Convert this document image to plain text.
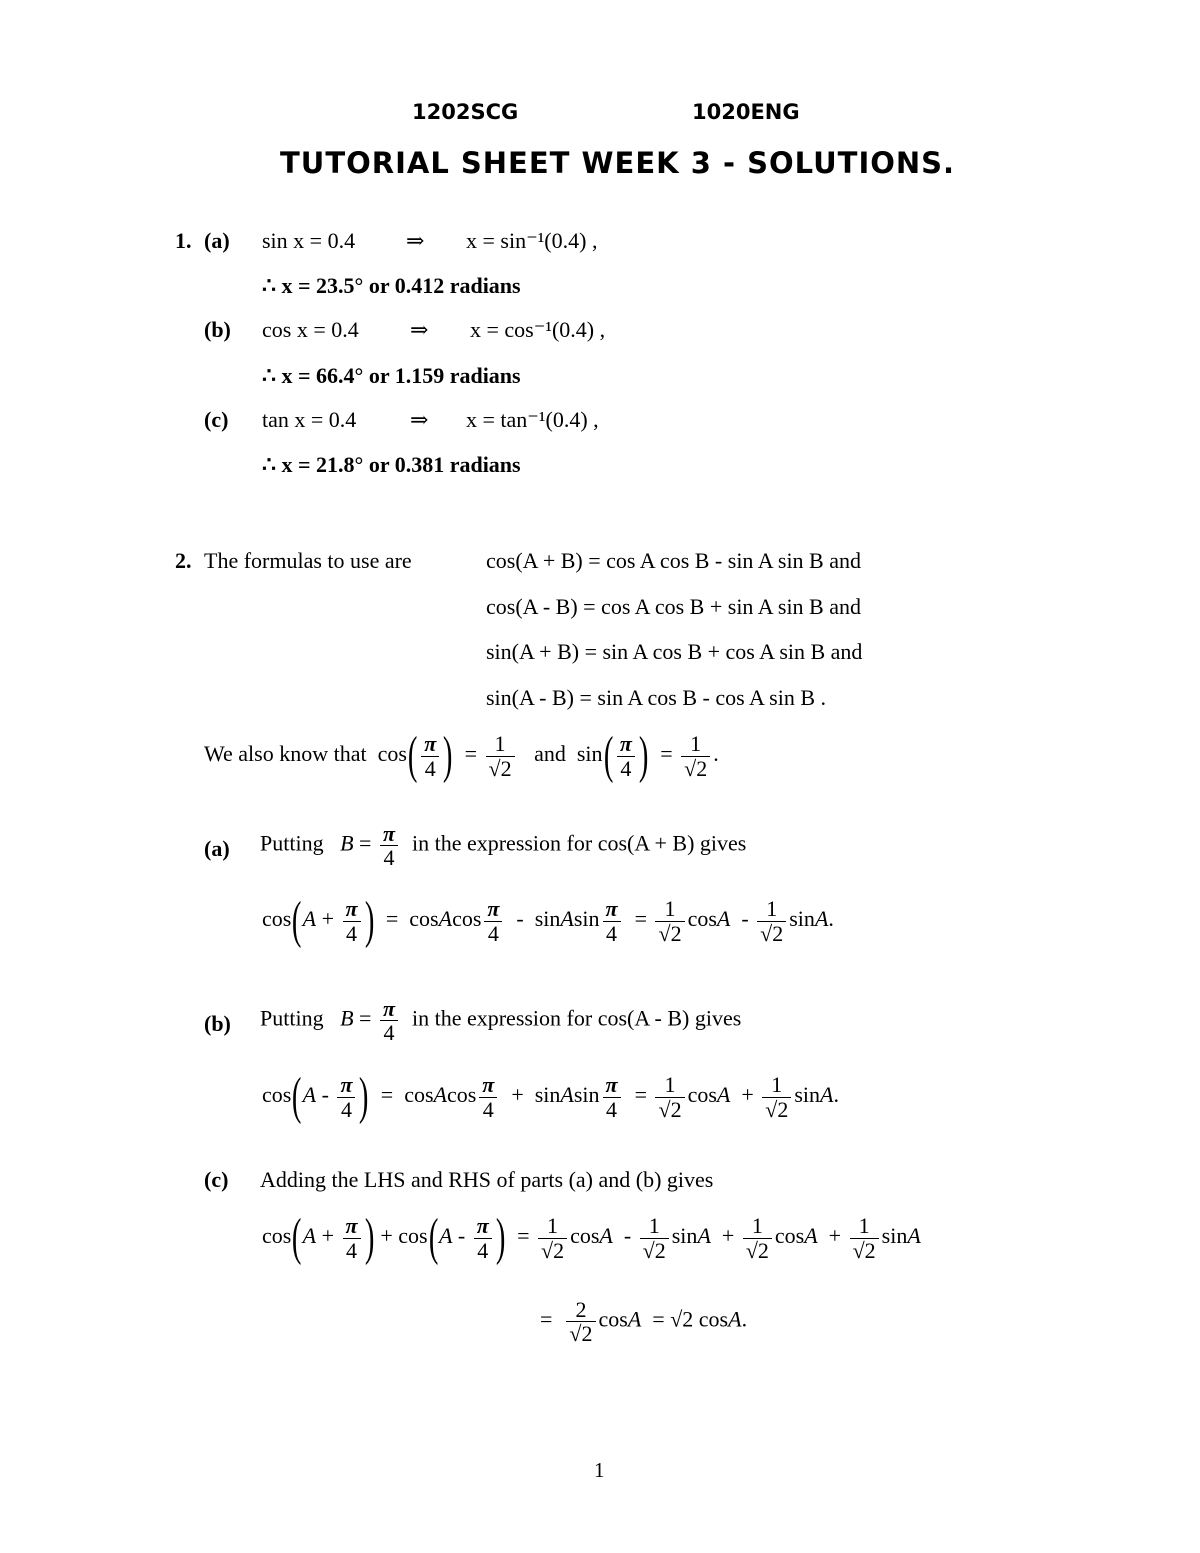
1202SCG	1020ENG
TUTORIAL SHEET WEEK 3 - SOLUTIONS.
1. (a) sin x = 0.4 ⇒ x = sin⁻¹(0.4) ,
∴ x = 23.5° or 0.412 radians
(b) cos x = 0.4 ⇒ x = cos⁻¹(0.4) ,
∴ x = 66.4° or 1.159 radians
(c) tan x = 0.4 ⇒ x = tan⁻¹(0.4) ,
∴ x = 21.8° or 0.381 radians
2. The formulas to use are	cos(A + B) = cos A cos B - sin A sin B and
cos(A - B) = cos A cos B + sin A sin B and
sin(A + B) = sin A cos B + cos A sin B and
sin(A - B) = sin A cos B - cos A sin B .
We also know that  $\cos( \frac{\pi}{4}$ )  = $\frac{1}{√2}$ and  $\sin( \frac{\pi}{4}$ )  = $\frac{1}{√2}$ .
(a) Putting $B = \frac{\pi}{4}$ in the expression for cos(A + B) gives
$\cos(A + \frac{\pi}{4}$ )  =  cosAcos $\frac{\pi}{4}$ -  sinAsin $\frac{\pi}{4} = \frac{1}{√2}$ cosA  - $\frac{1}{√2} \sin A$.
(b) Putting $B = \frac{\pi}{4}$ in the expression for cos(A - B) gives
$\cos(A - \frac{\pi}{4}$ )  =  cosAcos $\frac{\pi}{4}$ +  sinAsin $\frac{\pi}{4} = \frac{1}{√2}$ $\cos A + \frac{1}{√2} \sin A$.
(c) Adding the LHS and RHS of parts (a) and (b) gives
$\cos(A + \frac{\pi}{4}$ ) + $\cos(A - \frac{\pi}{4}$ )  = $\frac{1}{√2}$ cosA  - $\frac{1}{√2}$ $\sin A + \frac{1}{√2}$ $\cos A + \frac{1}{√2}$ sinA
= $\frac{2}{√2}$ cosA  = √2 cosA.
1
